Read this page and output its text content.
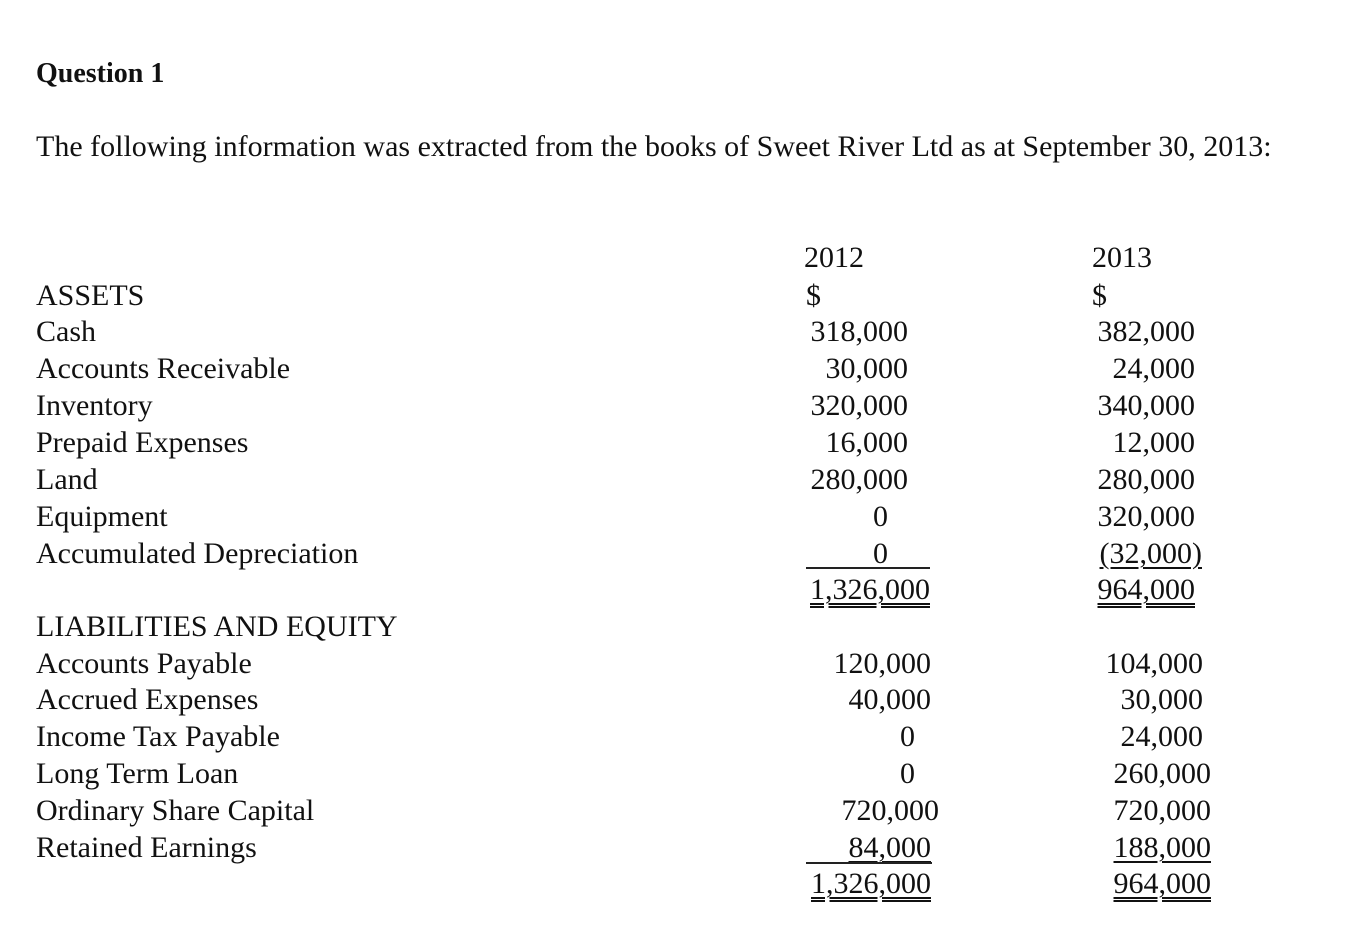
Question 1
The following information was extracted from the books of Sweet River Ltd as at September 30, 2013:
2012	2013
$	$
ASSETS
Cash
Accounts Receivable
Inventory
Prepaid Expenses
Land
Equipment
Accumulated Depreciation
318,000
30,000
320,000
16,000
280,000
0
0
1,326,000
382,000
24,000
340,000
12,000
280,000
320,000
(32,000)
964,000
LIABILITIES AND EQUITY
Accounts Payable
Accrued Expenses
Income Tax Payable
Long Term Loan
Ordinary Share Capital
Retained Earnings
120,000
40,000
0
0
720,000
84,000
1,326,000
104,000
30,000
24,000
260,000
720,000
188,000
964,000
